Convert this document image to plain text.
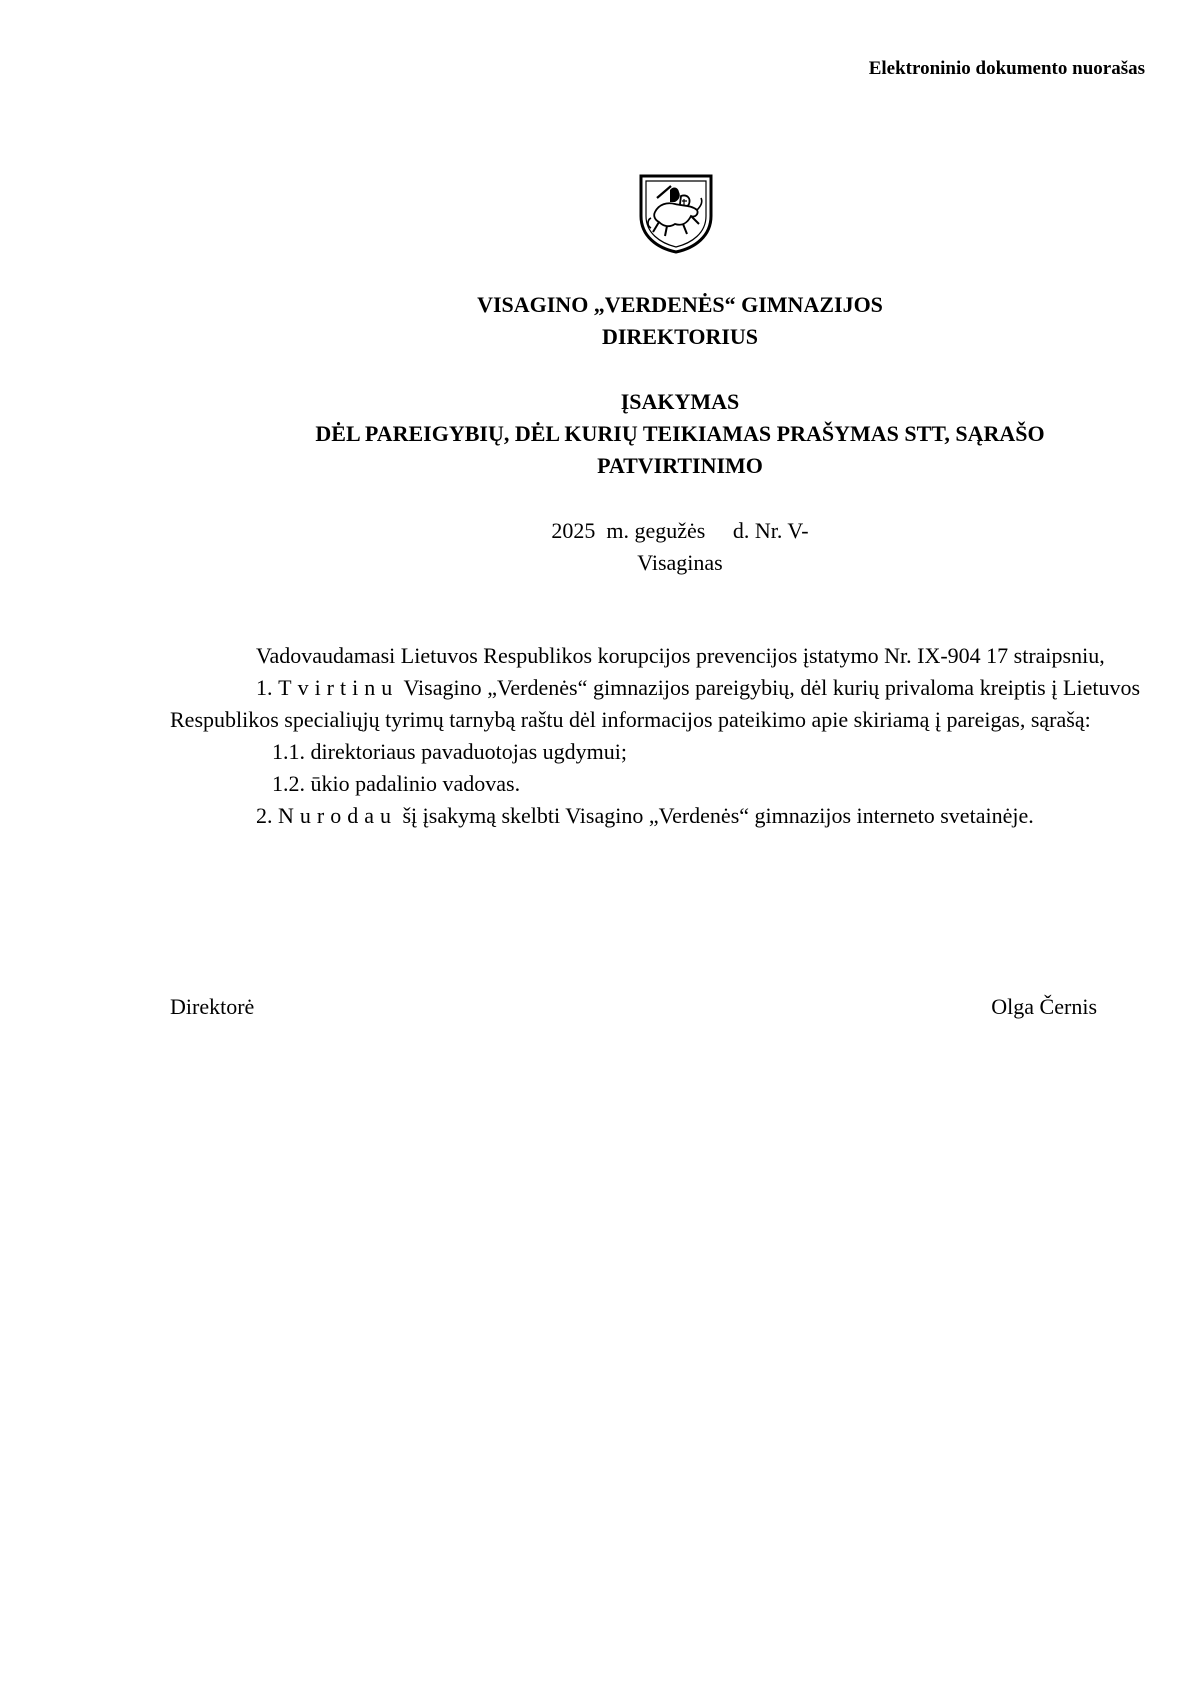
Elektroninio dokumento nuorašas
VISAGINO „VERDENĖS“ GIMNAZIJOS
DIREKTORIUS
ĮSAKYMAS
DĖL PAREIGYBIŲ, DĖL KURIŲ TEIKIAMAS PRAŠYMAS STT, SĄRAŠO
PATVIRTINIMO
2025  m. gegužės     d. Nr. V-
Visaginas

Vadovaudamasi Lietuvos Respublikos korupcijos prevencijos įstatymo Nr. IX-904 17 straipsniu,

1. Tvirtinu Visagino „Verdenės“ gimnazijos pareigybių, dėl kurių privaloma kreiptis į Lietuvos Respublikos specialiųjų tyrimų tarnybą raštu dėl informacijos pateikimo apie skiriamą į pareigas, sąrašą:

1.1. direktoriaus pavaduotojas ugdymui;

1.2. ūkio padalinio vadovas.

2. Nurodau šį įsakymą skelbti Visagino „Verdenės“ gimnazijos interneto svetainėje.

Direktorė	Olga Černis
